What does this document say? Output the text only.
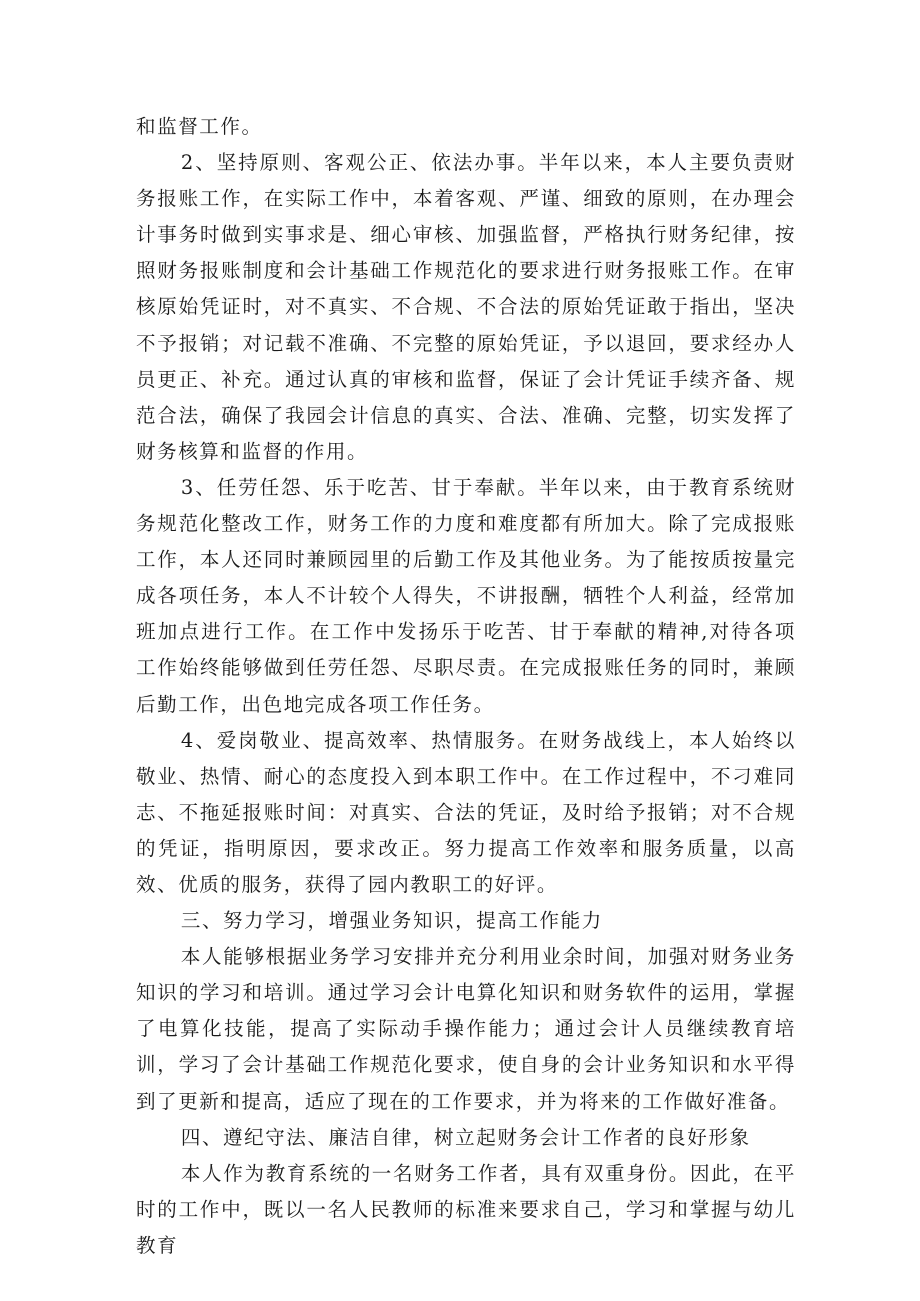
和监督工作。

2、坚持原则、客观公正、依法办事。半年以来，本人主要负责财务报账工作，在实际工作中，本着客观、严谨、细致的原则，在办理会计事务时做到实事求是、细心审核、加强监督，严格执行财务纪律，按照财务报账制度和会计基础工作规范化的要求进行财务报账工作。在审核原始凭证时，对不真实、不合规、不合法的原始凭证敢于指出，坚决不予报销；对记载不准确、不完整的原始凭证，予以退回，要求经办人员更正、补充。通过认真的审核和监督，保证了会计凭证手续齐备、规范合法，确保了我园会计信息的真实、合法、准确、完整，切实发挥了财务核算和监督的作用。

3、任劳任怨、乐于吃苦、甘于奉献。半年以来，由于教育系统财务规范化整改工作，财务工作的力度和难度都有所加大。除了完成报账工作，本人还同时兼顾园里的后勤工作及其他业务。为了能按质按量完成各项任务，本人不计较个人得失，不讲报酬，牺牲个人利益，经常加班加点进行工作。在工作中发扬乐于吃苦、甘于奉献的精神,对待各项工作始终能够做到任劳任怨、尽职尽责。在完成报账任务的同时，兼顾后勤工作，出色地完成各项工作任务。

4、爱岗敬业、提高效率、热情服务。在财务战线上，本人始终以敬业、热情、耐心的态度投入到本职工作中。在工作过程中，不刁难同志、不拖延报账时间：对真实、合法的凭证，及时给予报销；对不合规的凭证，指明原因，要求改正。努力提高工作效率和服务质量，以高效、优质的服务，获得了园内教职工的好评。

三、努力学习，增强业务知识，提高工作能力

本人能够根据业务学习安排并充分利用业余时间，加强对财务业务知识的学习和培训。通过学习会计电算化知识和财务软件的运用，掌握了电算化技能，提高了实际动手操作能力；通过会计人员继续教育培训，学习了会计基础工作规范化要求，使自身的会计业务知识和水平得到了更新和提高，适应了现在的工作要求，并为将来的工作做好准备。

四、遵纪守法、廉洁自律，树立起财务会计工作者的良好形象

本人作为教育系统的一名财务工作者，具有双重身份。因此，在平时的工作中，既以一名人民教师的标准来要求自己，学习和掌握与幼儿教育
